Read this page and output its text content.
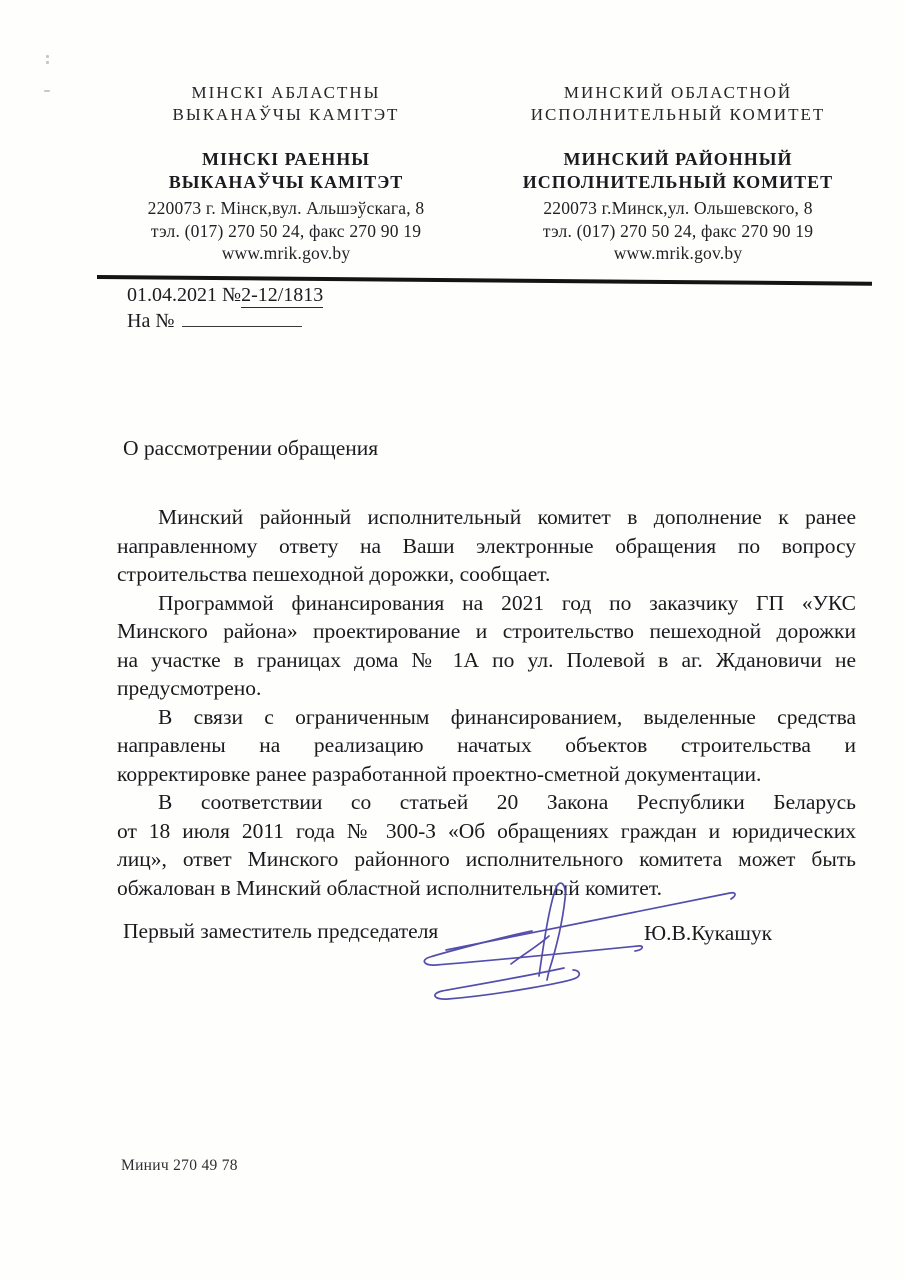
МІНСКІ АБЛАСТНЫ
ВЫКАНАЎЧЫ КАМІТЭТ
МІНСКІ РАЕННЫ
ВЫКАНАЎЧЫ КАМІТЭТ
220073 г. Мінск,вул. Альшэўскага, 8
тэл. (017) 270 50 24, факс 270 90 19
www.mrik.gov.by
МИНСКИЙ ОБЛАСТНОЙ
ИСПОЛНИТЕЛЬНЫЙ КОМИТЕТ
МИНСКИЙ РАЙОННЫЙ
ИСПОЛНИТЕЛЬНЫЙ КОМИТЕТ
220073 г.Минск,ул. Ольшевского, 8
тэл. (017) 270 50 24, факс 270 90 19
www.mrik.gov.by
01.04.2021 №2-12/1813
На №
О рассмотрении обращения
Минский районный исполнительный комитет в дополнение к ранее
направленному ответу на Ваши электронные обращения по вопросу
строительства пешеходной дорожки, сообщает.
Программой финансирования на 2021 год по заказчику ГП «УКС
Минского района» проектирование и строительство пешеходной дорожки
на участке в границах дома № 1А по ул. Полевой в аг. Ждановичи не
предусмотрено.
В связи с ограниченным финансированием, выделенные средства
направлены на реализацию начатых объектов строительства и
корректировке ранее разработанной проектно-сметной документации.
В соответствии со статьей 20 Закона Республики Беларусь
от 18 июля 2011 года № 300-З «Об обращениях граждан и юридических
лиц», ответ Минского районного исполнительного комитета может быть
обжалован в Минский областной исполнительный комитет.
Первый заместитель председателя	Ю.В.Кукашук
Минич 270 49 78
